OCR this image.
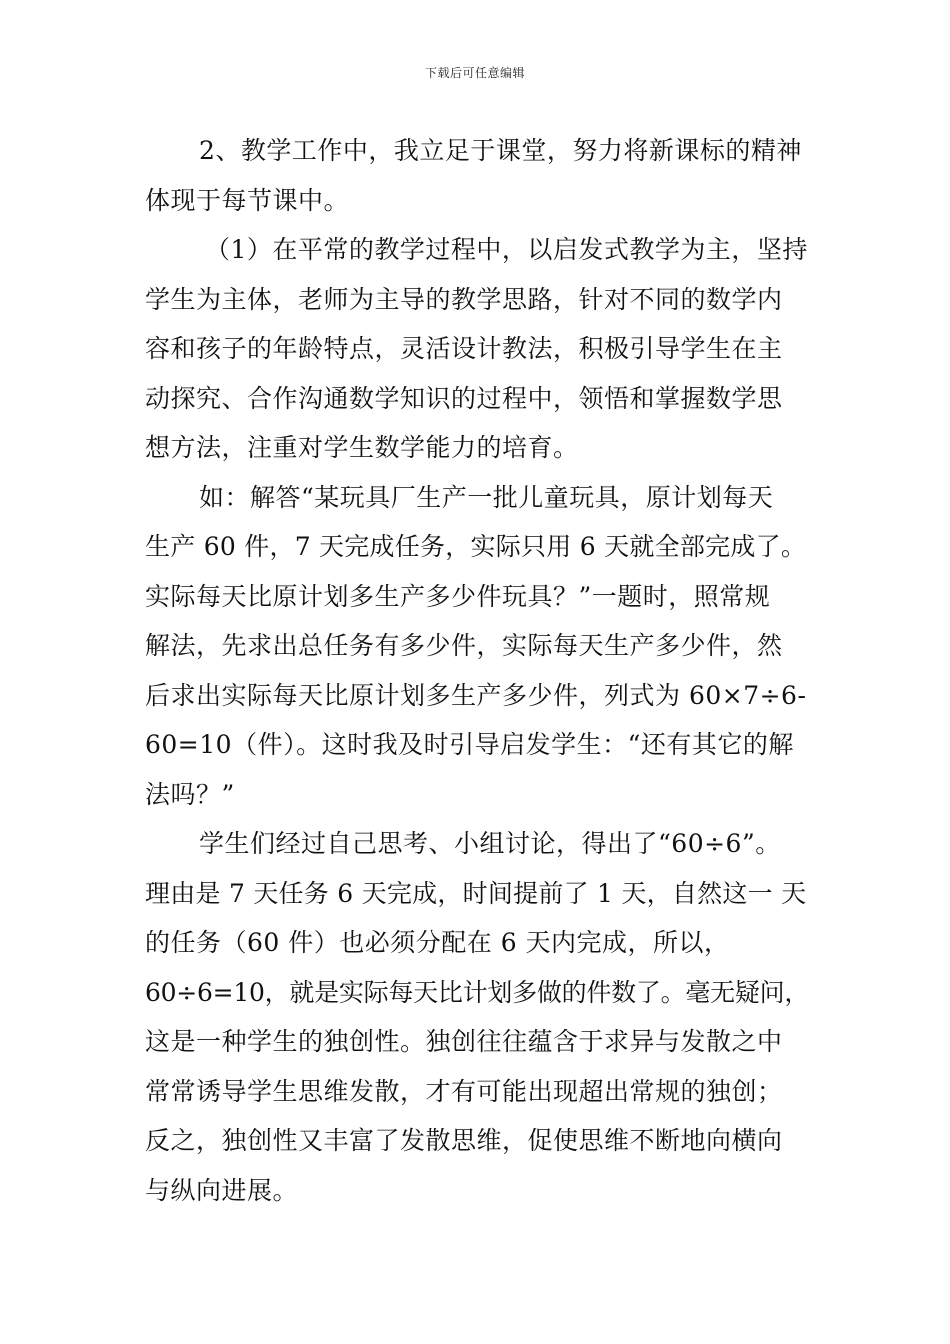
下载后可任意编辑
2、教学工作中，我立足于课堂，努力将新课标的精神
体现于每节课中。
（1）在平常的教学过程中，以启发式教学为主，坚持
学生为主体，老师为主导的教学思路，针对不同的数学内
容和孩子的年龄特点，灵活设计教法，积极引导学生在主
动探究、合作沟通数学知识的过程中，领悟和掌握数学思
想方法，注重对学生数学能力的培育。
如：解答“某玩具厂生产一批儿童玩具，原计划每天
生产 60 件，7 天完成任务，实际只用 6 天就全部完成了。
实际每天比原计划多生产多少件玩具？”一题时，照常规
解法，先求出总任务有多少件，实际每天生产多少件，然
后求出实际每天比原计划多生产多少件，列式为 60×7÷6-
60=10（件）。这时我及时引导启发学生：“还有其它的解
法吗？”
学生们经过自己思考、小组讨论，得出了“60÷6”。
理由是 7 天任务 6 天完成，时间提前了 1 天，自然这一 天
的任务（60 件）也必须分配在 6 天内完成，所以，
60÷6=10，就是实际每天比计划多做的件数了。毫无疑问，
这是一种学生的独创性。独创往往蕴含于求异与发散之中
常常诱导学生思维发散，才有可能出现超出常规的独创；
反之，独创性又丰富了发散思维，促使思维不断地向横向
与纵向进展。
